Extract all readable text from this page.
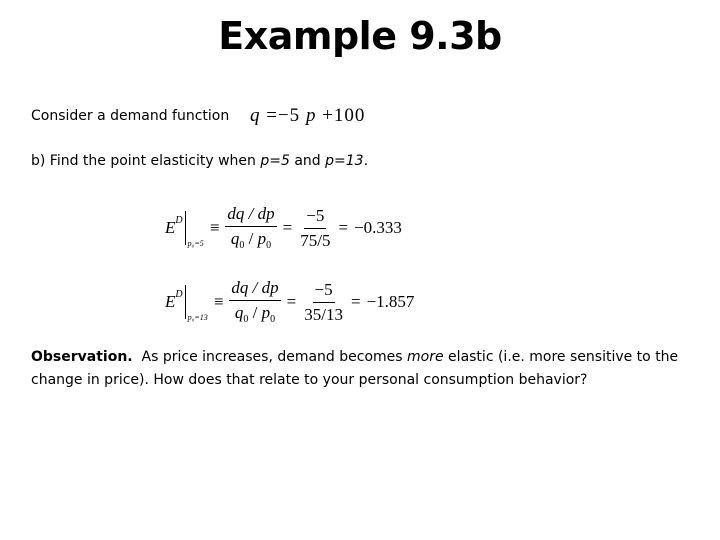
Example 9.3b
Consider a demand function q =−5 p +100
b) Find the point elasticity when p=5 and p=13.
E D
p₀=5
≡ $\frac{dq / dp}{q_0 / p_0} = \frac{-5}{75/5} = -0.333$
E D
p₀=13
≡ $\frac{dq / dp}{q_0 / p_0} = \frac{-5}{35/13} = -1.857$
Observation.  As price increases, demand becomes more elastic (i.e. more sensitive to the change in price). How does that relate to your personal consumption behavior?
